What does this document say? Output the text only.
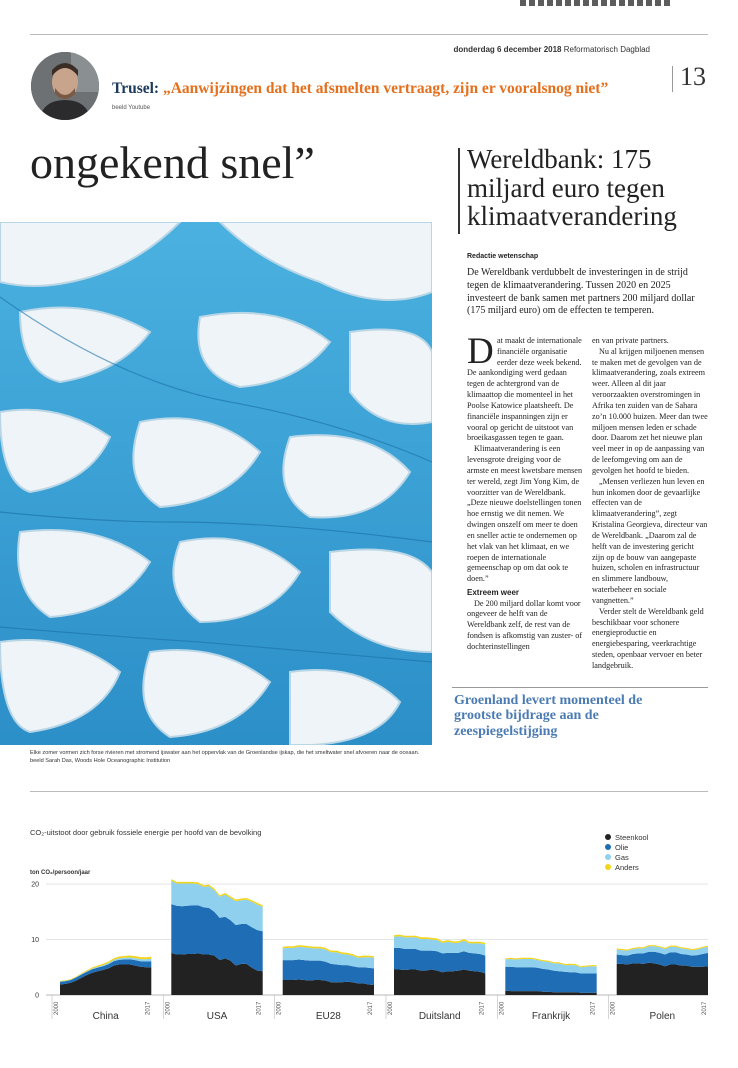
donderdag 6 december 2018 Reformatorisch Dagblad
13
Trusel: „Aanwijzingen dat het afsmelten vertraagt, zijn er vooralsnog niet”
beeld Youtube
ongekend snel”
Elke zomer vormen zich forse rivieren met stromend ijswater aan het oppervlak van de Groenlandse ijskap, die het smeltwater snel afvoeren naar de oceaan. beeld Sarah Das, Woods Hole Oceanographic Institution
Wereldbank: 175 miljard euro tegen klimaatverandering
Redactie wetenschap
De Wereldbank verdubbelt de investeringen in de strijd tegen de klimaatverandering. Tussen 2020 en 2025 investeert de bank samen met partners 200 miljard dollar (175 miljard euro) om de effecten te temperen.

Dat maakt de internationale financiële organisatie eerder deze week bekend. De aankondiging werd gedaan tegen de achtergrond van de klimaattop die momenteel in het Poolse Katowice plaatsheeft. De financiële inspanningen zijn er vooral op gericht de uitstoot van broeikasgassen tegen te gaan.

Klimaatverandering is een levensgrote dreiging voor de armste en meest kwetsbare mensen ter wereld, zegt Jim Yong Kim, de voorzitter van de Wereldbank. „Deze nieuwe doelstellingen tonen hoe ernstig we dit nemen. We dwingen onszelf om meer te doen en sneller actie te ondernemen op het vlak van het klimaat, en we roepen de internationale gemeenschap op om dat ook te doen.”

Extreem weer

De 200 miljard dollar komt voor ongeveer de helft van de Wereldbank zelf, de rest van de fondsen is afkomstig van zuster- of dochterinstellingen

en van private partners.

Nu al krijgen miljoenen mensen te maken met de gevolgen van de klimaatverandering, zoals extreem weer. Alleen al dit jaar veroorzaakten overstromingen in Afrika ten zuiden van de Sahara zo’n 10.000 huizen. Meer dan twee miljoen mensen leden er schade door. Daarom zet het nieuwe plan veel meer in op de aanpassing van de leefomgeving om aan de gevolgen het hoofd te bieden.

„Mensen verliezen hun leven en hun inkomen door de gevaarlijke effecten van de klimaatverandering”, zegt Kristalina Georgieva, directeur van de Wereldbank. „Daarom zal de helft van de investering gericht zijn op de bouw van aangepaste huizen, scholen en infrastructuur en slimmere landbouw, waterbeheer en sociale vangnetten.”

Verder stelt de Wereldbank geld beschikbaar voor schonere energieproductie en energiebesparing, veerkrachtige steden, openbaar vervoer en beter landgebruik.

Groenland levert momenteel de grootste bijdrage aan de zeespiegelstijging
CO₂-uitstoot door gebruik fossiele energie per hoofd van de bevolking
ton CO₂/persoon/jaar
0
10
20
Steenkool
Olie
Gas
Anders
2000	2017
China
2000	2017
USA
2000	2017
EU28
2000	2017
Duitsland
2000	2017
Frankrijk
2000	2017
Polen
